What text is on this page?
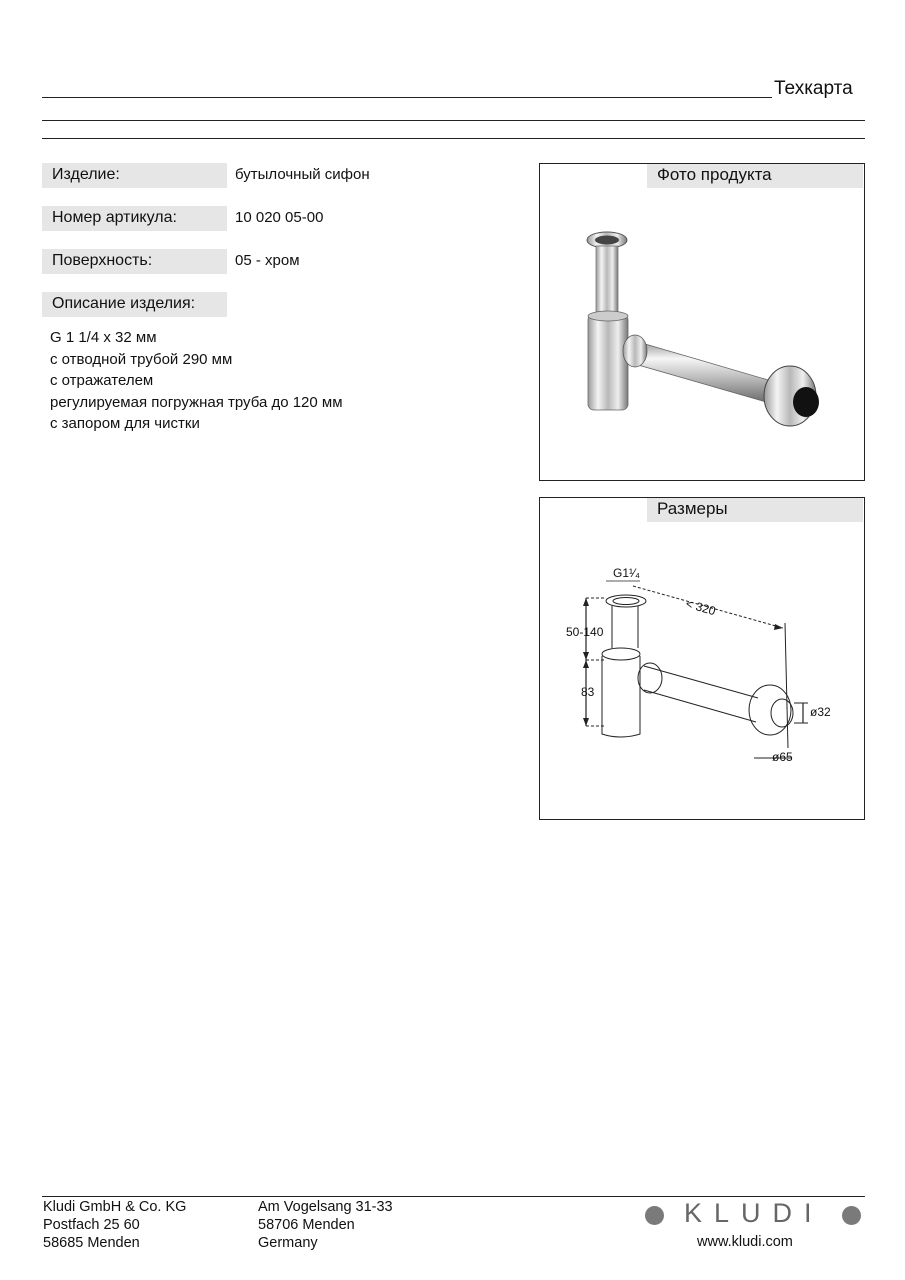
Техкарта
Изделие:	бутылочный сифон
Номер артикула:	10 020 05-00
Поверхность:	05 - хром
Описание изделия:
G 1 1/4 x 32 мм
с отводной трубой 290 мм
с отражателем
регулируемая погружная труба до 120 мм
с запором для чистки
Фото продукта
Размеры
G1¹⁄₄
< 320
50-140
83
ø32
ø65
Kludi GmbH & Co. KG
Postfach 25 60
58685 Menden
Am Vogelsang 31-33
58706 Menden
Germany
KLUDI
www.kludi.com
